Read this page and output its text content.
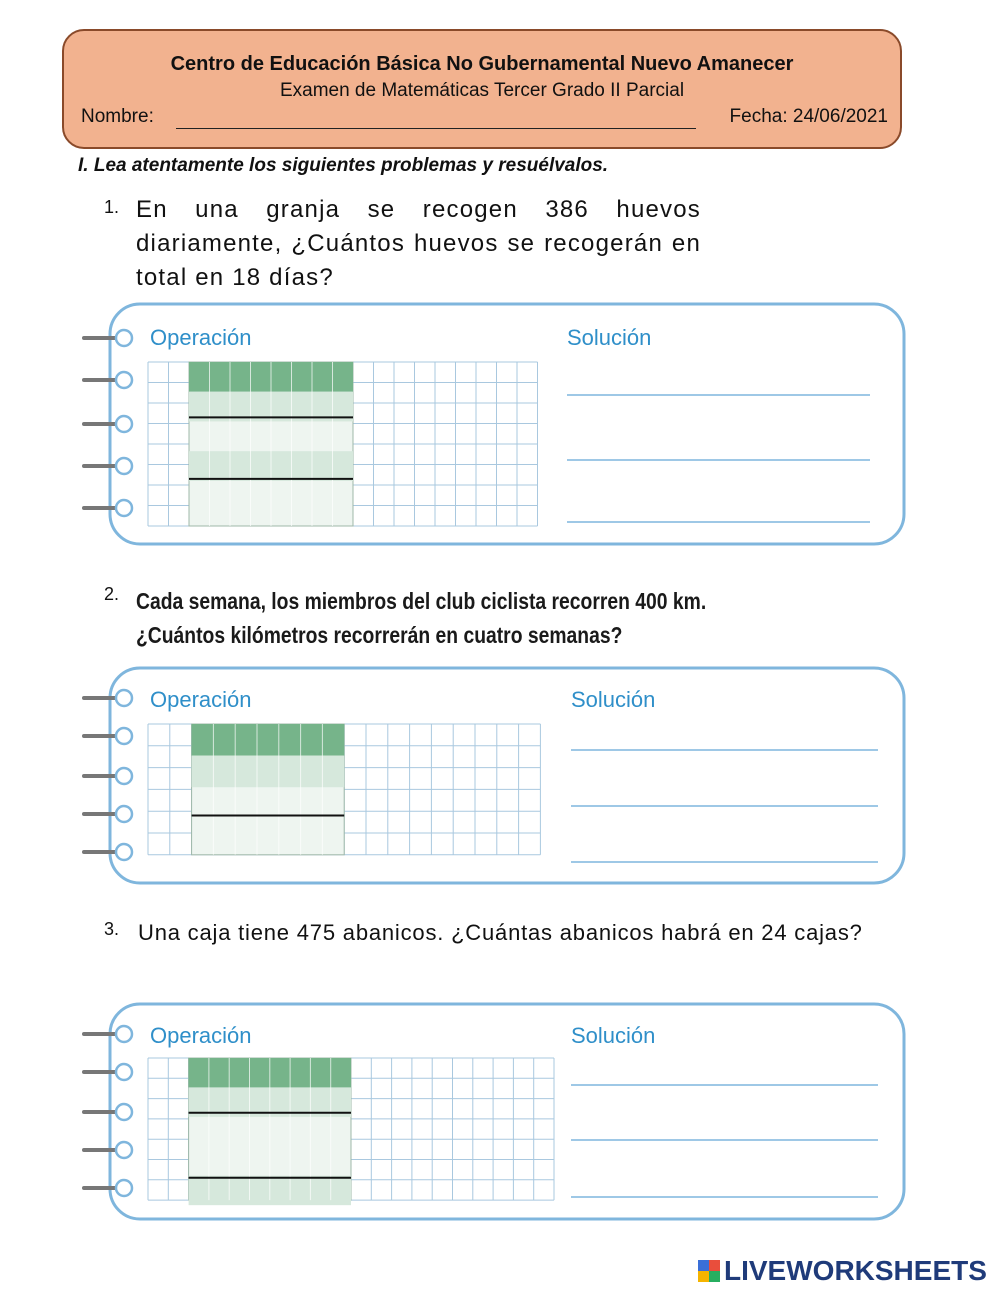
Centro de Educación Básica No Gubernamental Nuevo Amanecer
Examen de Matemáticas Tercer Grado II Parcial
Nombre:	Fecha: 24/06/2021
I. Lea atentamente los siguientes problemas y resuélvalos.
1. En una granja se recogen 386 huevos diariamente, ¿Cuántos huevos se recogerán en total en 18 días?
Operación	Solución
2. Cada semana, los miembros del club ciclista recorren 400 km. ¿Cuántos kilómetros recorrerán en cuatro semanas?
Operación	Solución
3. Una caja tiene 475 abanicos. ¿Cuántas abanicos habrá en 24 cajas?
Operación	Solución
LIVEWORKSHEETS
